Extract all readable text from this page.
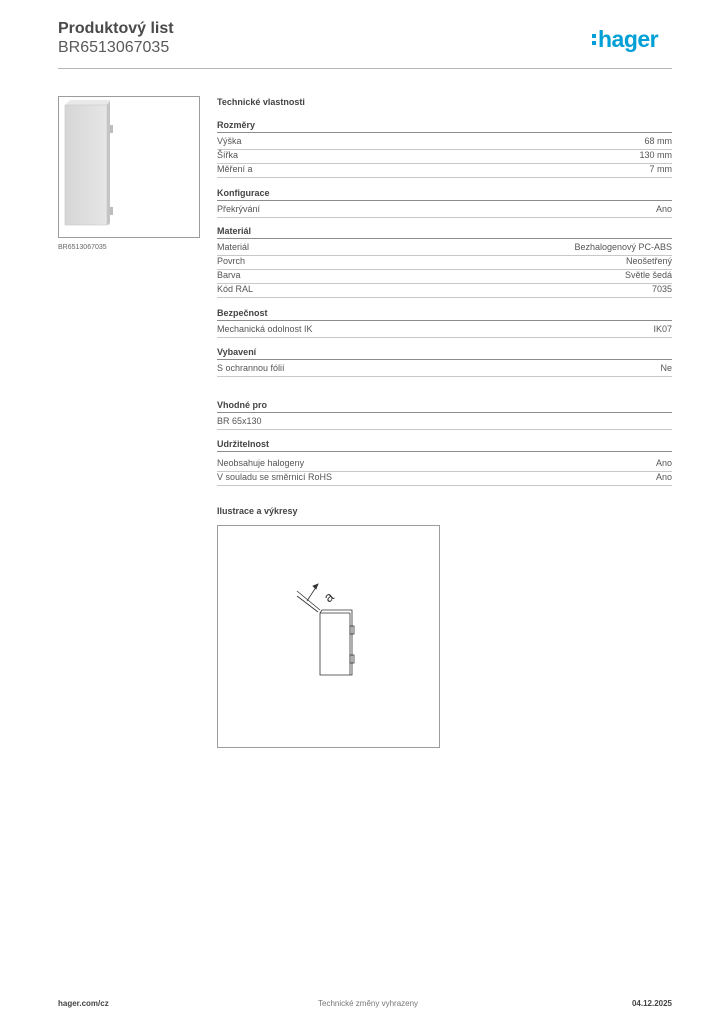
Produktový list
BR6513067035	hager
BR6513067035
Technické vlastnosti
Rozměry
Výška	68 mm
Šířka	130 mm
Měření a	7 mm
Konfigurace
Překrývání	Ano
Materiál
Materiál	Bezhalogenový PC-ABS
Povrch	Neošetřený
Barva	Světle šedá
Kód RAL	7035
Bezpečnost
Mechanická odolnost IK	IK07
Vybavení
S ochrannou fólií	Ne
Vhodné pro
BR 65x130
Udržitelnost
Neobsahuje halogeny	Ano
V souladu se směrnicí RoHS	Ano
Ilustrace a výkresy
a
hager.com/cz	Technické změny vyhrazeny	04.12.2025
